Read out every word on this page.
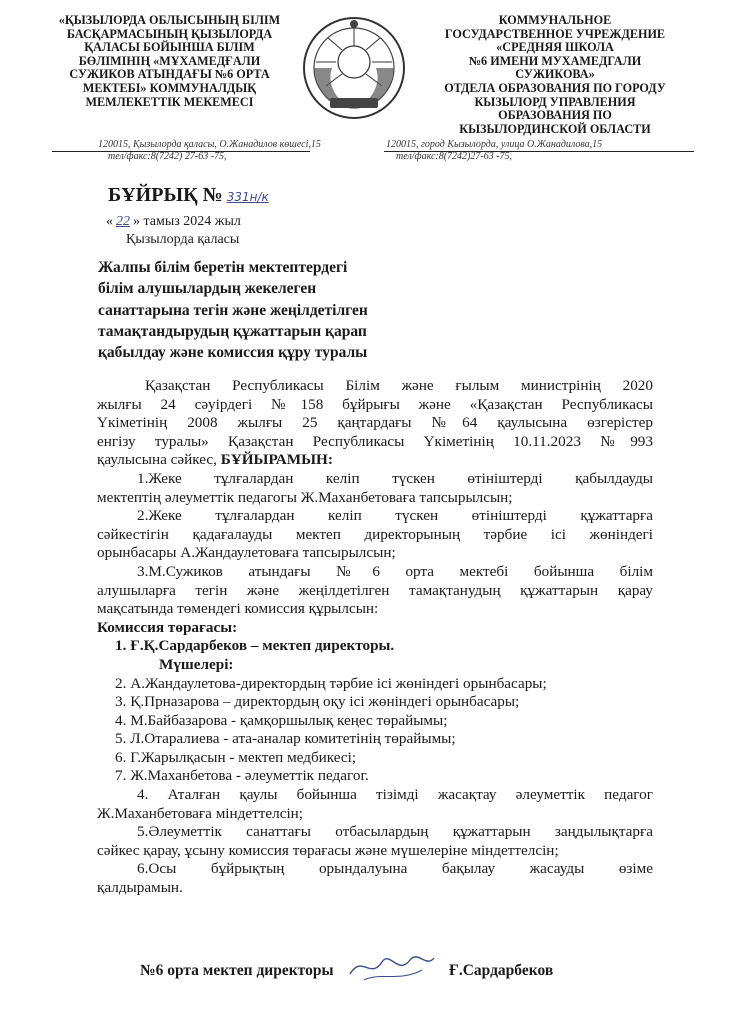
«ҚЫЗЫЛОРДА ОБЛЫСЫНЫҢ БІЛІМ
БАСҚАРМАСЫНЫҢ ҚЫЗЫЛОРДА
ҚАЛАСЫ БОЙЫНША БІЛІМ
БӨЛІМІНІҢ «МҰХАМЕДҒАЛИ
СУЖИКОВ АТЫНДАҒЫ №6 ОРТА
МЕКТЕБІ» КОММУНАЛДЫҚ
МЕМЛЕКЕТТІК МЕКЕМЕСІ
КОММУНАЛЬНОЕ
ГОСУДАРСТВЕННОЕ УЧРЕЖДЕНИЕ
«СРЕДНЯЯ ШКОЛА
№6 ИМЕНИ МУХАМЕДГАЛИ
СУЖИКОВА»
ОТДЕЛА ОБРАЗОВАНИЯ ПО ГОРОДУ
КЫЗЫЛОРД УПРАВЛЕНИЯ
ОБРАЗОВАНИЯ ПО
КЫЗЫЛОРДИНСКОЙ ОБЛАСТИ
120015, Қызылорда қаласы, О.Жанадилов көшесі,15
тел/факс:8(7242) 27-63 -75,
120015, город Кызылорда, улица О.Жанадилова,15
тел/факс:8(7242)27-63 -75,
БҰЙРЫҚ № 331н/к
« 22 » тамыз 2024 жыл
Қызылорда қаласы
Жалпы білім беретін мектептердегі
білім алушылардың жекелеген
санаттарына тегін және жеңілдетілген
тамақтандырудың құжаттарын қарап
қабылдау және комиссия құру туралы
Қазақстан Республикасы Білім және ғылым министрінің 2020
жылғы 24 сәуірдегі №158 бұйрығы және «Қазақстан Республикасы
Үкіметінің 2008 жылғы 25 қаңтардағы №64 қаулысына өзгерістер
енгізу туралы» Қазақстан Республикасы Үкіметінің 10.11.2023 №993
қаулысына сәйкес, БҰЙЫРАМЫН:
1.Жеке тұлғалардан келіп түскен өтініштерді қабылдауды
мектептің әлеуметтік педагогы Ж.Маханбетоваға тапсырылсын;
2.Жеке тұлғалардан келіп түскен өтініштерді құжаттарға
сәйкестігін қадағалауды мектеп директорының тәрбие ісі жөніндегі
орынбасары А.Жандаулетоваға тапсырылсын;
3.М.Сужиков атындағы №6 орта мектебі бойынша білім
алушыларға тегін және жеңілдетілген тамақтанудың құжаттарын қарау
мақсатында төмендегі комиссия құрылсын:
Комиссия төрағасы:
1. Ғ.Қ.Сардарбеков – мектеп директоры.
Мүшелері:
2. А.Жандаулетова-директордың тәрбие ісі жөніндегі орынбасары;
3. Қ.Прназарова – директордың оқу ісі жөніндегі орынбасары;
4. М.Байбазарова - қамқоршылық кеңес төрайымы;
5. Л.Отаралиева - ата-аналар комитетінің төрайымы;
6. Г.Жарылқасын - мектеп медбикесі;
7. Ж.Маханбетова - әлеуметтік педагог.
4. Аталған қаулы бойынша тізімді жасақтау әлеуметтік педагог
Ж.Маханбетоваға міндеттелсін;
5.Әлеуметтік санаттағы отбасылардың құжаттарын заңдылықтарға
сәйкес қарау, ұсыну комиссия төрағасы және мүшелеріне міндеттелсін;
6.Осы бұйрықтың орындалуына бақылау жасауды өзіме
қалдырамын.
№6 орта мектеп директоры	Ғ.Сардарбеков
